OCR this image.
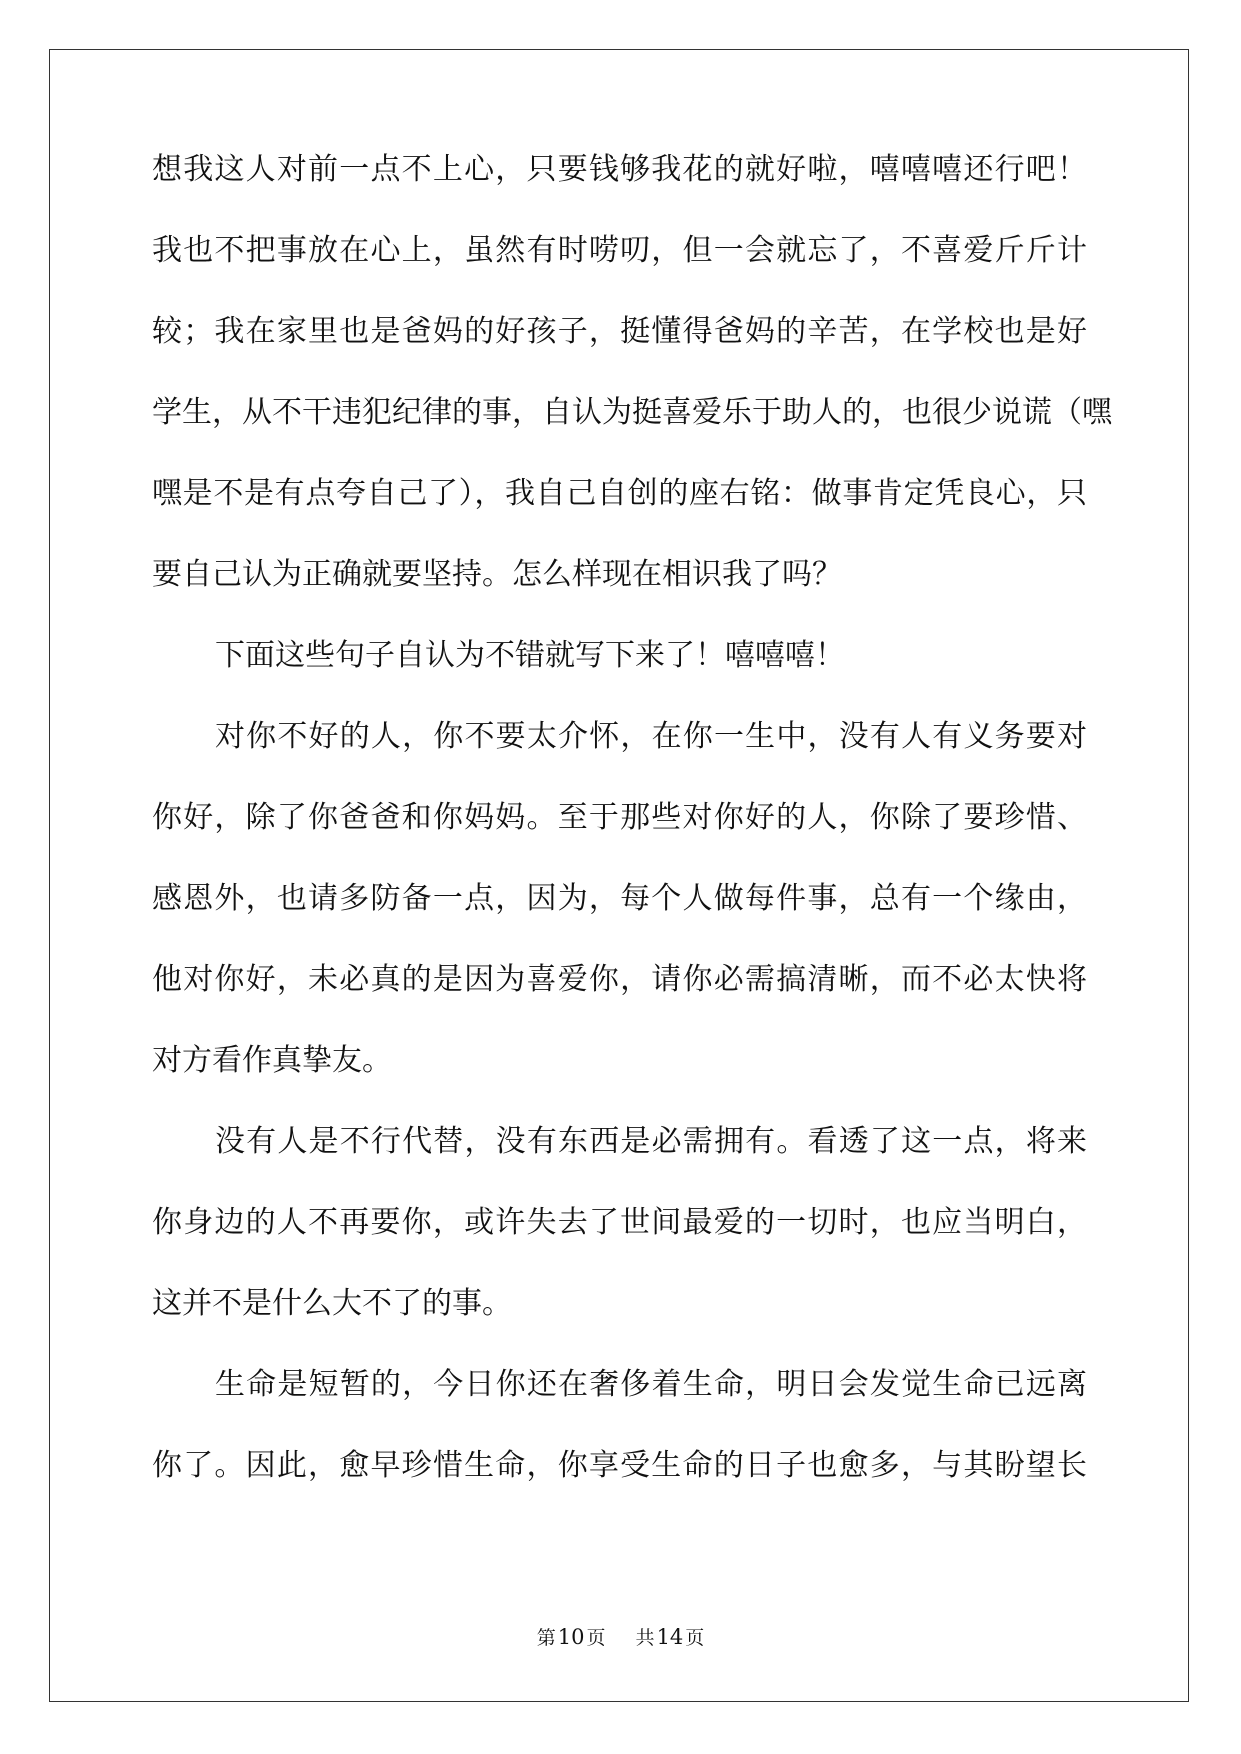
想我这人对前一点不上心，只要钱够我花的就好啦，嘻嘻嘻还行吧！
我也不把事放在心上，虽然有时唠叨，但一会就忘了，不喜爱斤斤计
较；我在家里也是爸妈的好孩子，挺懂得爸妈的辛苦，在学校也是好
学生，从不干违犯纪律的事，自认为挺喜爱乐于助人的，也很少说谎（嘿
嘿是不是有点夸自己了），我自己自创的座右铭：做事肯定凭良心，只
要自己认为正确就要坚持。怎么样现在相识我了吗？
下面这些句子自认为不错就写下来了！嘻嘻嘻！
对你不好的人，你不要太介怀，在你一生中，没有人有义务要对
你好，除了你爸爸和你妈妈。至于那些对你好的人，你除了要珍惜、
感恩外，也请多防备一点，因为，每个人做每件事，总有一个缘由，
他对你好，未必真的是因为喜爱你，请你必需搞清晰，而不必太快将
对方看作真挚友。
没有人是不行代替，没有东西是必需拥有。看透了这一点，将来
你身边的人不再要你，或许失去了世间最爱的一切时，也应当明白，
这并不是什么大不了的事。
生命是短暂的，今日你还在奢侈着生命，明日会发觉生命已远离
你了。因此，愈早珍惜生命，你享受生命的日子也愈多，与其盼望长
第10 页 共14 页
